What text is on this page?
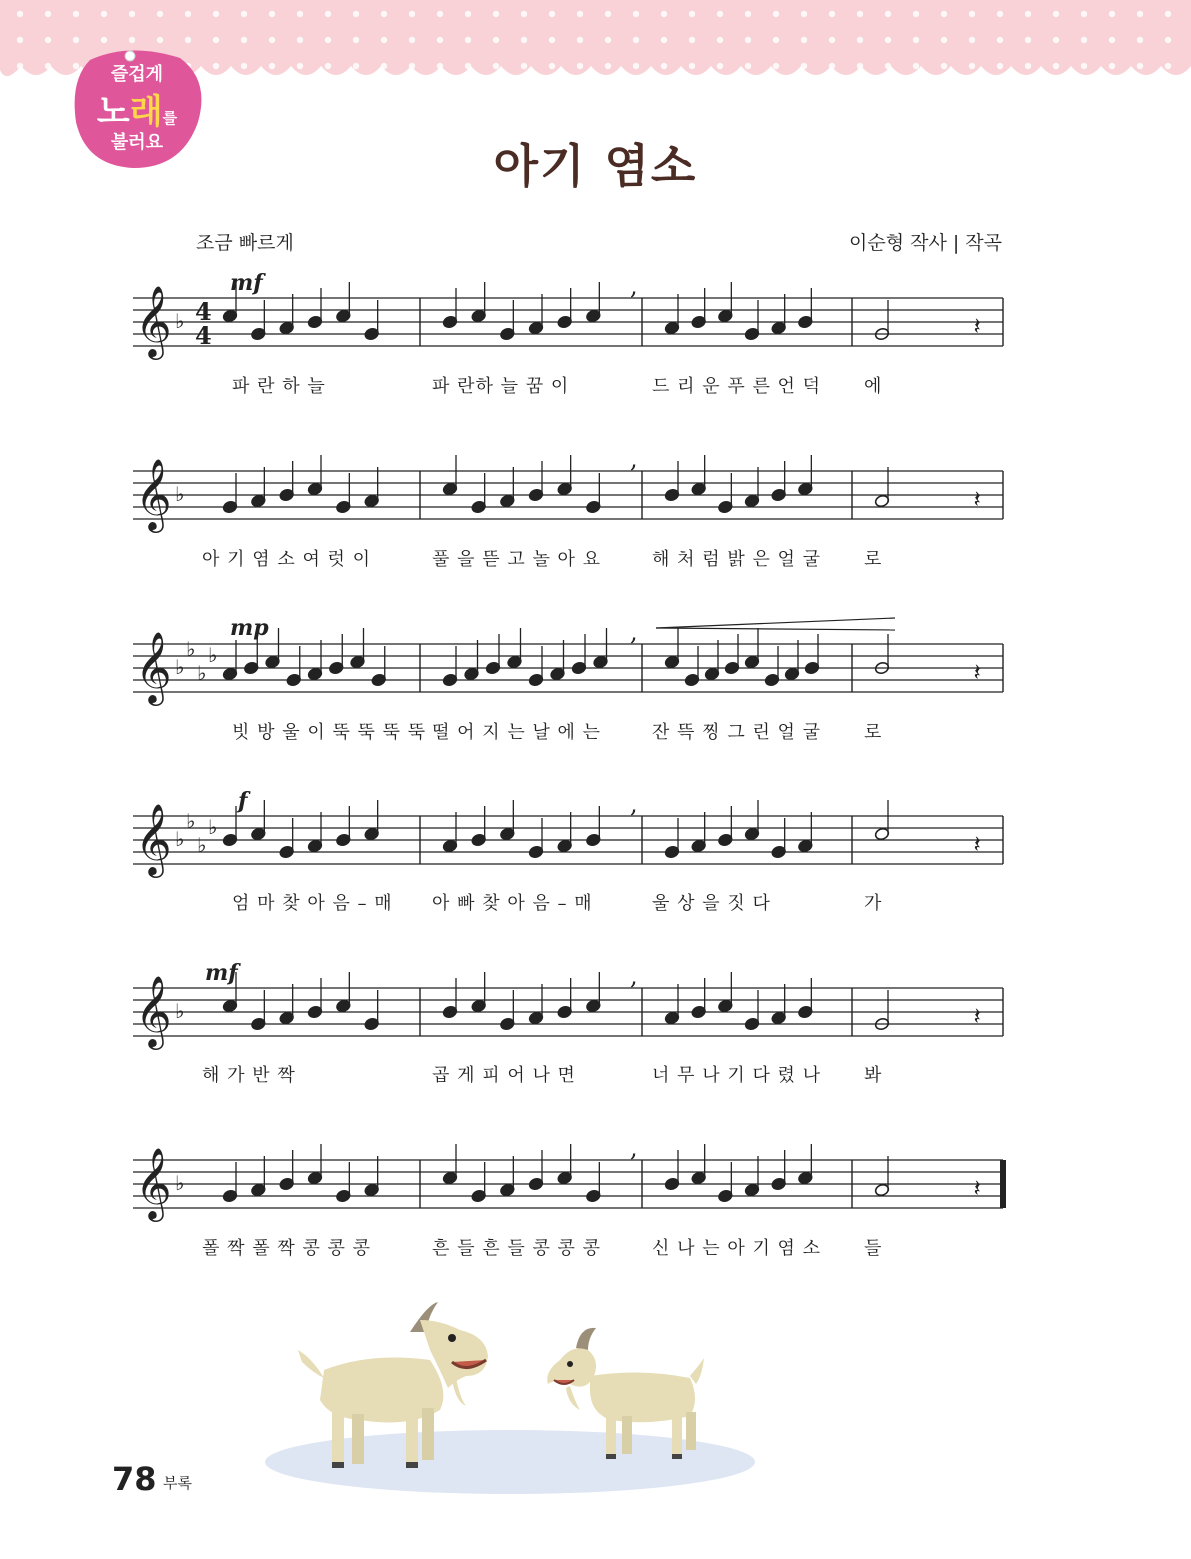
즐겁게
노래를
불러요	아기 염소
조금 빠르게	이순형 작사 | 작곡
𝄞 ♭ 4
4	𝄽
,
𝄞 ♭	𝄽
,
𝄞 ♭
♭
♭
♭
𝄽
,
𝄞 ♭
♭
♭
♭
𝄽
,
𝄞 ♭	𝄽
,
𝄞 ♭	𝄽
,
mf
mp
f
mf
파 란 하 늘	파 란하 늘 꿈 이	드 리 운 푸 른 언 덕 에
아 기 염 소 여 럿 이	풀 을 뜯 고 놀 아 요	해 처 럼 밝 은 얼 굴 로
빗 방 울 이 뚝 뚝 뚝 뚝 떨 어 지 는 날 에 는	잔 뜩 찡 그 린 얼 굴 로
엄 마 찾 아 음 – 매 아 빠 찾 아 음 – 매	울 상 을 짓 다	가
해 가 반 짝	곱 게 피 어 나 면	너 무 나 기 다 렸 나 봐
폴 짝 폴 짝 콩 콩 콩	흔 들 흔 들 콩 콩 콩	신 나 는 아 기 염 소 들
78 부록
